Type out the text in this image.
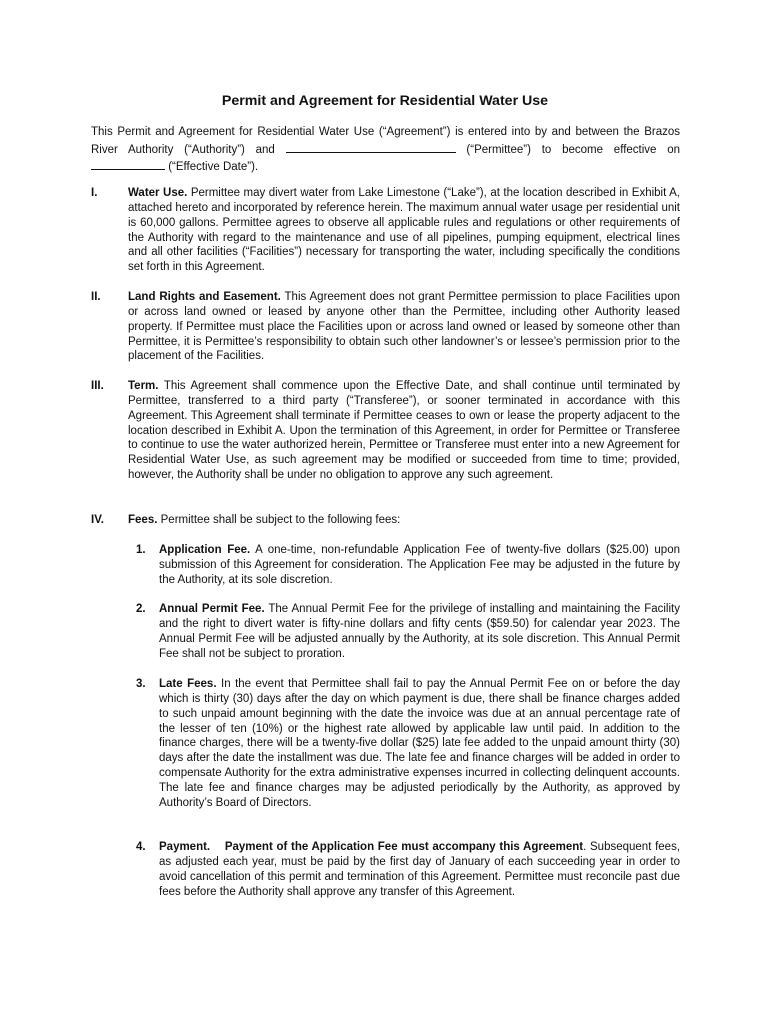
Permit and Agreement for Residential Water Use

This Permit and Agreement for Residential Water Use (“Agreement”) is entered into by and between the Brazos River Authority (“Authority”) and	(“Permittee”) to become effective on  (“Effective Date”).

I.	Water Use. Permittee may divert water from Lake Limestone (“Lake”), at the location described in Exhibit A, attached hereto and incorporated by reference herein. The maximum annual water usage per residential unit is 60,000 gallons. Permittee agrees to observe all applicable rules and regulations or other requirements of the Authority with regard to the maintenance and use of all pipelines, pumping equipment, electrical lines and all other facilities (“Facilities”) necessary for transporting the water, including specifically the conditions set forth in this Agreement.
II. Land Rights and Easement. This Agreement does not grant Permittee permission to place Facilities upon or across land owned or leased by anyone other than the Permittee, including other Authority leased property. If Permittee must place the Facilities upon or across land owned or leased by someone other than Permittee, it is Permittee’s responsibility to obtain such other landowner’s or lessee’s permission prior to the placement of the Facilities.
III. Term. This Agreement shall commence upon the Effective Date, and shall continue until terminated by Permittee, transferred to a third party (“Transferee”), or sooner terminated in accordance with this Agreement. This Agreement shall terminate if Permittee ceases to own or lease the property adjacent to the location described in Exhibit A. Upon the termination of this Agreement, in order for Permittee or Transferee to continue to use the water authorized herein, Permittee or Transferee must enter into a new Agreement for Residential Water Use, as such agreement may be modified or succeeded from time to time; provided, however, the Authority shall be under no obligation to approve any such agreement.
IV. Fees. Permittee shall be subject to the following fees:
1. Application Fee. A one-time, non-refundable Application Fee of twenty-five dollars ($25.00) upon submission of this Agreement for consideration. The Application Fee may be adjusted in the future by the Authority, at its sole discretion.
2. Annual Permit Fee. The Annual Permit Fee for the privilege of installing and maintaining the Facility and the right to divert water is fifty-nine dollars and fifty cents ($59.50) for calendar year 2023. The Annual Permit Fee will be adjusted annually by the Authority, at its sole discretion. This Annual Permit Fee shall not be subject to proration.
3. Late Fees. In the event that Permittee shall fail to pay the Annual Permit Fee on or before the day which is thirty (30) days after the day on which payment is due, there shall be finance charges added to such unpaid amount beginning with the date the invoice was due at an annual percentage rate of the lesser of ten (10%) or the highest rate allowed by applicable law until paid. In addition to the finance charges, there will be a twenty-five dollar ($25) late fee added to the unpaid amount thirty (30) days after the date the installment was due. The late fee and finance charges will be added in order to compensate Authority for the extra administrative expenses incurred in collecting delinquent accounts. The late fee and finance charges may be adjusted periodically by the Authority, as approved by Authority’s Board of Directors.
4. Payment. Payment of the Application Fee must accompany this Agreement. Subsequent fees, as adjusted each year, must be paid by the first day of January of each succeeding year in order to avoid cancellation of this permit and termination of this Agreement. Permittee must reconcile past due fees before the Authority shall approve any transfer of this Agreement.
